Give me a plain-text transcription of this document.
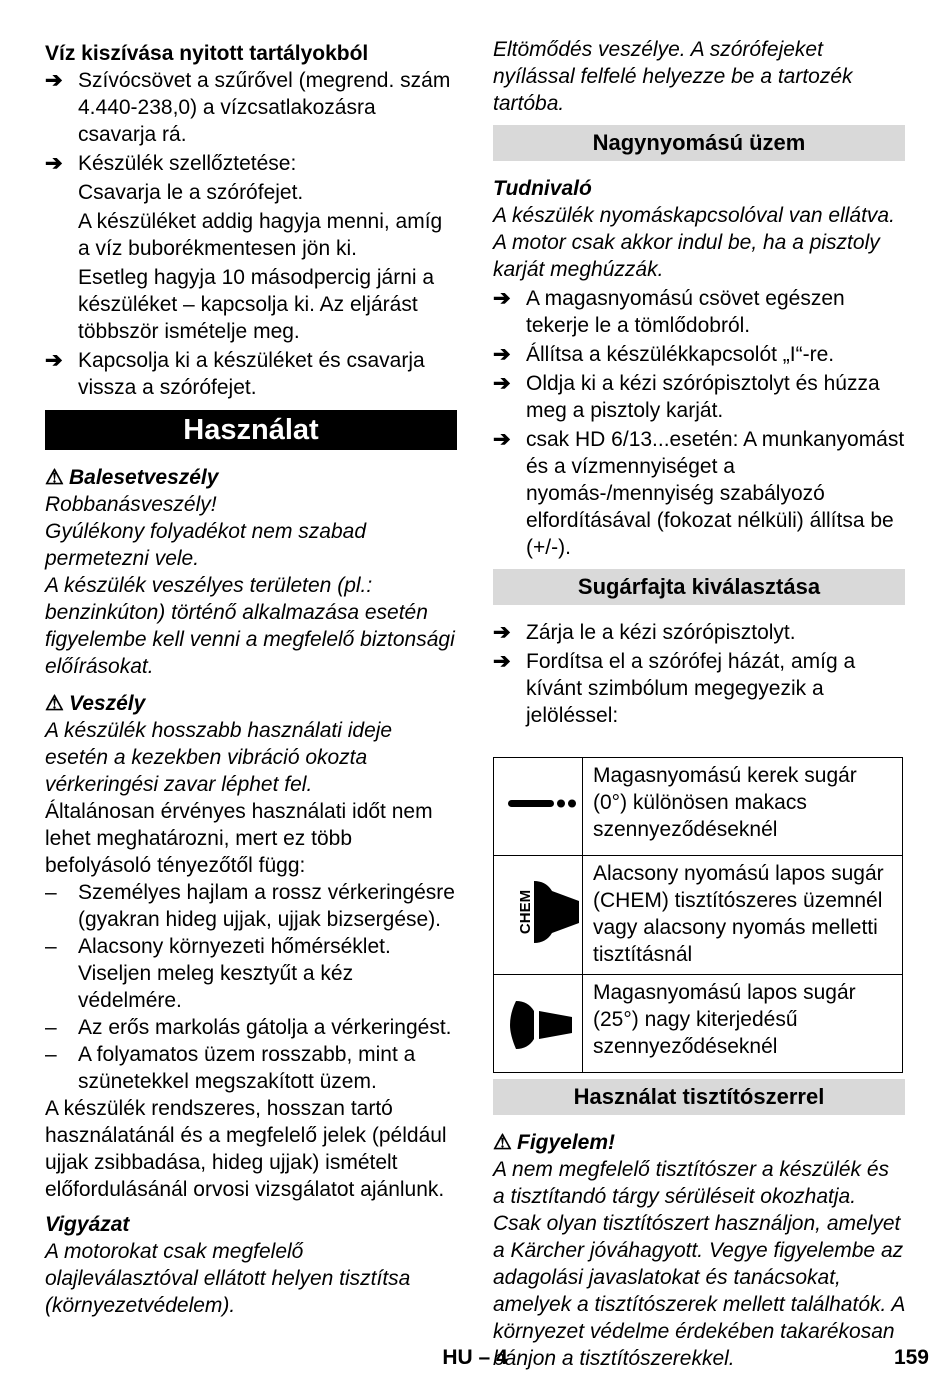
Víz kiszívása nyitott tartályokból

➔ Szívócsövet a szűrővel (megrend. szám 4.440-238,0) a vízcsatlakozásra csavarja rá.

➔ Készülék szellőztetése:

Csavarja le a szórófejet.

A készüléket addig hagyja menni, amíg a víz buborékmentesen jön ki.

Esetleg hagyja 10 másodpercig járni a készüléket – kapcsolja ki. Az eljárást többször ismételje meg.

➔ Kapcsolja ki a készüléket és csavarja vissza a szórófejet.

Használat

⚠ Balesetveszély

Robbanásveszély!

Gyúlékony folyadékot nem szabad permetezni vele.

A készülék veszélyes területen (pl.: benzinkúton) történő alkalmazása esetén figyelembe kell venni a megfelelő biztonsági előírásokat.

⚠ Veszély

A készülék hosszabb használati ideje esetén a kezekben vibráció okozta vérkeringési zavar léphet fel.

Általánosan érvényes használati időt nem lehet meghatározni, mert ez több befolyásoló tényezőtől függ:

– Személyes hajlam a rossz vérkeringésre (gyakran hideg ujjak, ujjak bizsergése).

– Alacsony környezeti hőmérséklet. Viseljen meleg kesztyűt a kéz védelmére.

– Az erős markolás gátolja a vérkeringést.

– A folyamatos üzem rosszabb, mint a szünetekkel megszakított üzem.

A készülék rendszeres, hosszan tartó használatánál és a megfelelő jelek (például ujjak zsibbadása, hideg ujjak) ismételt előfordulásánál orvosi vizsgálatot ajánlunk.

Vigyázat

A motorokat csak megfelelő olajleválasztóval ellátott helyen tisztítsa (környezetvédelem).

Eltömődés veszélye. A szórófejeket nyílással felfelé helyezze be a tartozék tartóba.

Nagynyomású üzem

Tudnivaló

A készülék nyomáskapcsolóval van ellátva. A motor csak akkor indul be, ha a pisztoly karját meghúzzák.

➔ A magasnyomású csövet egészen tekerje le a tömlődobról.

➔ Állítsa a készülékkapcsolót „I“-re.

➔ Oldja ki a kézi szórópisztolyt és húzza meg a pisztoly karját.

➔ csak HD 6/13...esetén: A munkanyomást és a vízmennyiséget a nyomás-/mennyiség szabályozó elfordításával (fokozat nélküli) állítsa be (+/-).

Sugárfajta kiválasztása

➔ Zárja le a kézi szórópisztolyt.

➔ Fordítsa el a szórófej házát, amíg a kívánt szimbólum megegyezik a jelöléssel:

	Magasnyomású kerek sugár (0°) különösen makacs szennyeződéseknél

CHEM	Alacsony nyomású lapos sugár (CHEM) tisztítószeres üzemnél vagy alacsony nyomás melletti tisztításnál
	Magasnyomású lapos sugár (25°) nagy kiterjedésű szennyeződéseknél
Használat tisztítószerrel

⚠ Figyelem!

A nem megfelelő tisztítószer a készülék és a tisztítandó tárgy sérüléseit okozhatja. Csak olyan tisztítószert használjon, amelyet a Kärcher jóváhagyott. Vegye figyelembe az adagolási javaslatokat és tanácsokat, amelyek a tisztítószerek mellett találhatók. A környezet védelme érdekében takarékosan bánjon a tisztítószerekkel.

HU – 4	159
